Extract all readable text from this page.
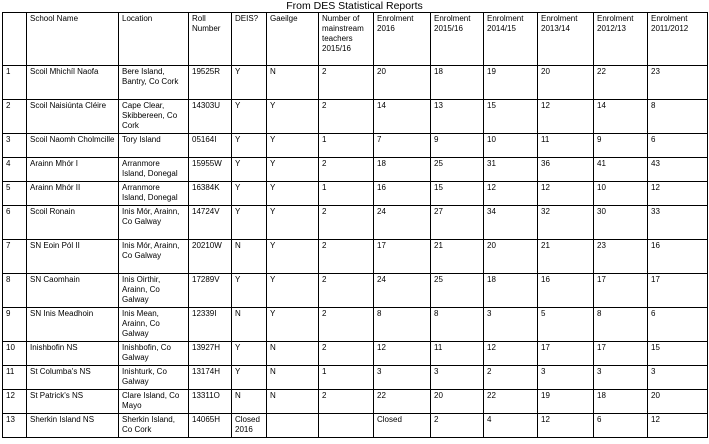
From DES Statistical Reports
	School Name	Location	Roll Number	DEIS?	Gaeilge	Number of mainstream teachers 2015/16	Enrolment 2016	Enrolment 2015/16	Enrolment 2014/15	Enrolment 2013/14	Enrolment 2012/13	Enrolment 2011/2012
1	Scoil Mhichíl Naofa	Bere Island, Bantry, Co Cork	19525R	Y	N	2	20	18	19	20	22	23
2	Scoil Naisiúnta Cléire	Cape Clear, Skibbereen, Co Cork	14303U	Y	Y	2	14	13	15	12	14	8
3	Scoil Naomh Cholmcille	Tory Island	05164I	Y	Y	1	7	9	10	11	9	6
4	Arainn Mhór I	Arranmore Island, Donegal	15955W	Y	Y	2	18	25	31	36	41	43
5	Arainn Mhór II	Arranmore Island, Donegal	16384K	Y	Y	1	16	15	12	12	10	12
6	Scoil Ronain	Inis Mór, Arainn, Co Galway	14724V	Y	Y	2	24	27	34	32	30	33
7	SN Eoin Pól II	Inis Mór, Arainn, Co Galway	20210W	N	Y	2	17	21	20	21	23	16
8	SN Caomhain	Inis Oirthir, Arainn, Co Galway	17289V	Y	Y	2	24	25	18	16	17	17
9	SN Inis Meadhoin	Inis Mean, Arainn, Co Galway	12339I	N	Y	2	8	8	3	5	8	6
10	Inishbofin NS	Inishbofin, Co Galway	13927H	Y	N	2	12	11	12	17	17	15
11	St Columba's NS	Inishturk, Co Galway	13174H	Y	N	1	3	3	2	3	3	3
12	St Patrick's NS	Clare Island, Co Mayo	13311O	N	N	2	22	20	22	19	18	20
13	Sherkin Island NS	Sherkin Island, Co Cork	14065H	Closed 2016			Closed	2	4	12	6	12
